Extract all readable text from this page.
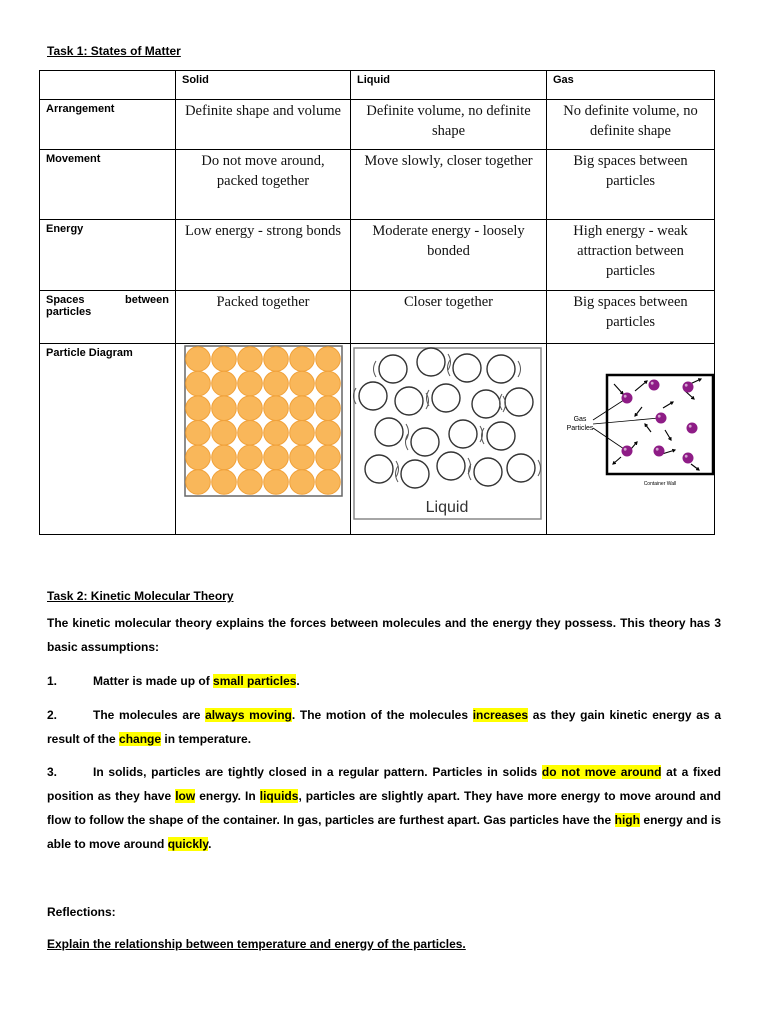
Task 1: States of Matter
	Solid	Liquid	Gas
Arrangement	Definite shape and volume	Definite volume, no definite shape	No definite volume, no definite shape
Movement	Do not move around, packed together	Move slowly, closer together	Big spaces between particles
Energy	Low energy - strong bonds	Moderate energy - loosely bonded	High energy - weak attraction between particles

Spaces between
particles	Packed together	Closer together	Big spaces between particles
Particle Diagram		Liquid	Gas
Particles
Container Wall
Task 2: Kinetic Molecular Theory
The kinetic molecular theory explains the forces between molecules and the energy they possess. This theory has 3 basic assumptions:
1.	Matter is made up of small particles.
2.	The molecules are always moving. The motion of the molecules increases as they gain kinetic energy as a result of the change in temperature.
3.	In solids, particles are tightly closed in a regular pattern. Particles in solids do not move around at a fixed position as they have low energy. In liquids, particles are slightly apart. They have more energy to move around and flow to follow the shape of the container. In gas, particles are furthest apart. Gas particles have the high energy and is able to move around quickly.
Reflections:
Explain the relationship between temperature and energy of the particles.
